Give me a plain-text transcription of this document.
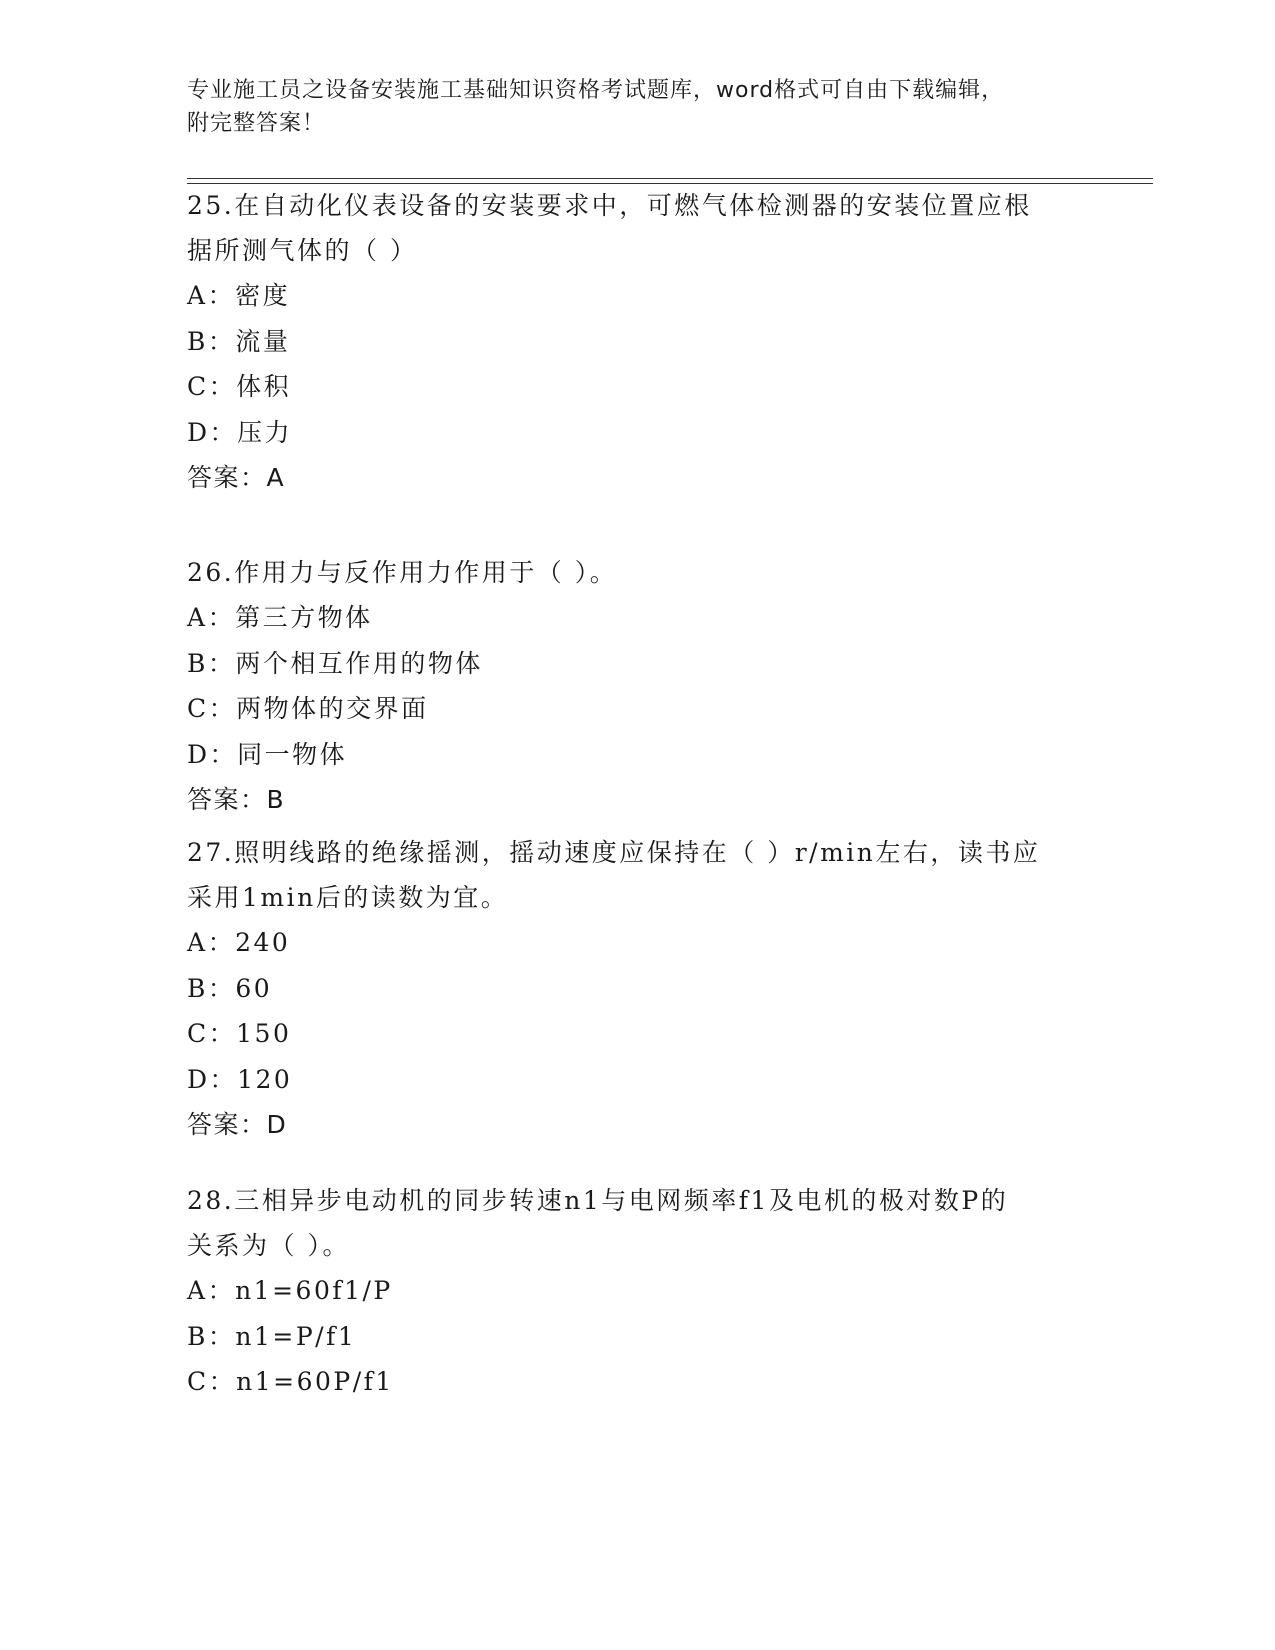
专业施工员之设备安装施工基础知识资格考试题库，word格式可自由下载编辑，
附完整答案！

25.在自动化仪表设备的安装要求中，可燃气体检测器的安装位置应根
据所测气体的（ ）

A：密度

B：流量

C：体积

D：压力

答案：A

26.作用力与反作用力作用于（ ）。

A：第三方物体

B：两个相互作用的物体

C：两物体的交界面

D：同一物体

答案：B

27.照明线路的绝缘摇测，摇动速度应保持在（ ）r/min左右，读书应
采用1min后的读数为宜。

A：240

B：60

C：150

D：120

答案：D

28.三相异步电动机的同步转速n1与电网频率f1及电机的极对数P的
关系为（ ）。

A：n1=60f1/P

B：n1=P/f1

C：n1=60P/f1
